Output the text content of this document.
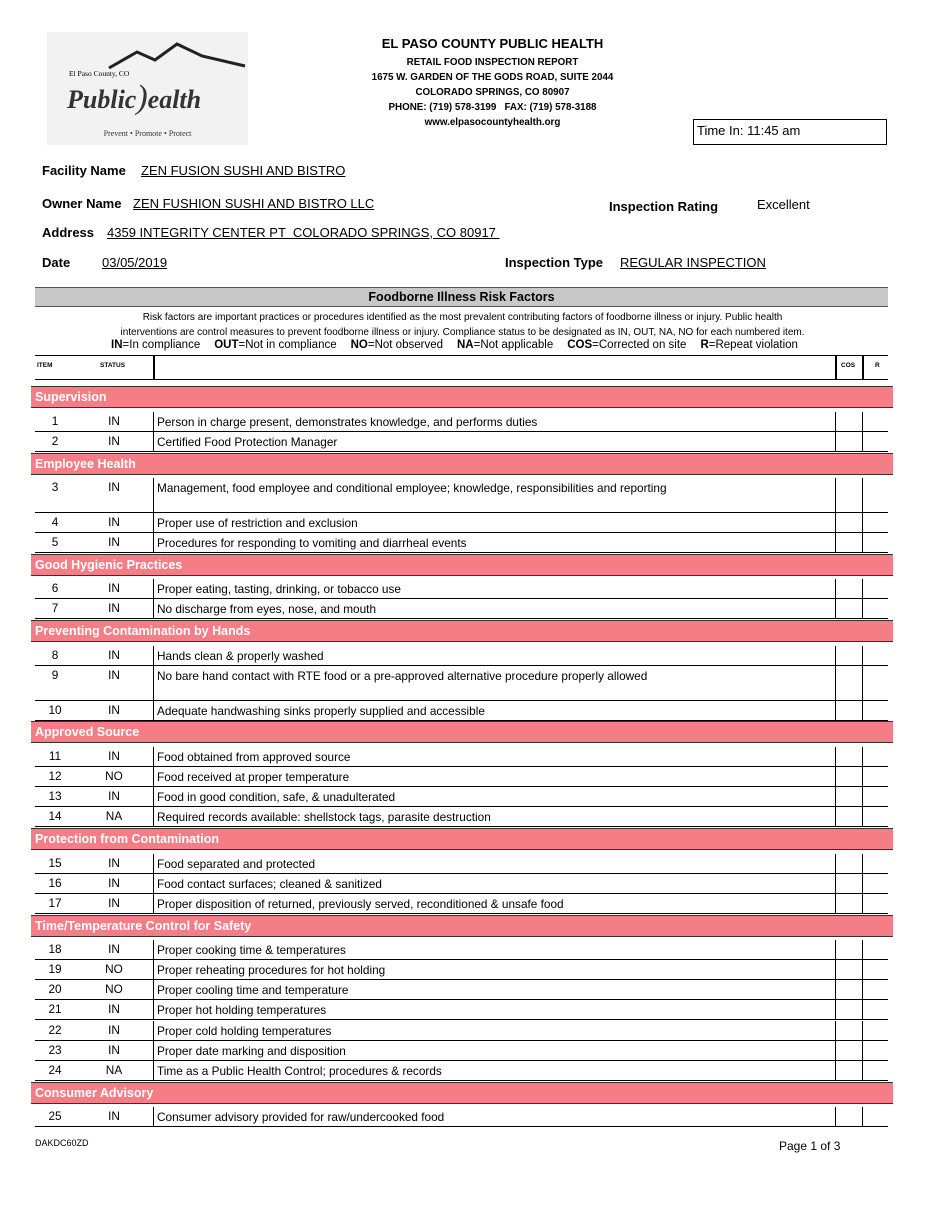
El Paso County, CO
Public)ealth
Prevent • Promote • Protect
EL PASO COUNTY PUBLIC HEALTH
RETAIL FOOD INSPECTION REPORT
1675 W. GARDEN OF THE GODS ROAD, SUITE 2044
COLORADO SPRINGS, CO 80907
PHONE: (719) 578-3199   FAX: (719) 578-3188
www.elpasocountyhealth.org
Time In: 11:45 am
Facility Name ZEN FUSION SUSHI AND BISTRO
Owner Name ZEN FUSHION SUSHI AND BISTRO LLC	Inspection Rating	Excellent
Address 4359 INTEGRITY CENTER PT  COLORADO SPRINGS, CO 80917
Date 03/05/2019	Inspection Type REGULAR INSPECTION
Foodborne Illness Risk Factors
Risk factors are important practices or procedures identified as the most prevalent contributing factors of foodborne illness or injury. Public health
interventions are control measures to prevent foodborne illness or injury. Compliance status to be designated as IN, OUT, NA, NO for each numbered item.
IN=In compliance OUT=Not in compliance NO=Not observed NA=Not applicable COS=Corrected on site R=Repeat violation
ITEM	STATUS	COS	R
Supervision
1	IN	Person in charge present, demonstrates knowledge, and performs duties
2	IN	Certified Food Protection Manager
Employee Health
3	IN	Management, food employee and conditional employee; knowledge, responsibilities and reporting
4	IN	Proper use of restriction and exclusion
5	IN	Procedures for responding to vomiting and diarrheal events
Good Hygienic Practices
6	IN	Proper eating, tasting, drinking, or tobacco use
7	IN	No discharge from eyes, nose, and mouth
Preventing Contamination by Hands
8	IN	Hands clean & properly washed
9	IN	No bare hand contact with RTE food or a pre-approved alternative procedure properly allowed
10	IN	Adequate handwashing sinks properly supplied and accessible
Approved Source
11	IN	Food obtained from approved source
12	NO	Food received at proper temperature
13	IN	Food in good condition, safe, & unadulterated
14	NA	Required records available: shellstock tags, parasite destruction
Protection from Contamination
15	IN	Food separated and protected
16	IN	Food contact surfaces; cleaned & sanitized
17	IN	Proper disposition of returned, previously served, reconditioned & unsafe food
Time/Temperature Control for Safety
18	IN	Proper cooking time & temperatures
19	NO	Proper reheating procedures for hot holding
20	NO	Proper cooling time and temperature
21	IN	Proper hot holding temperatures
22	IN	Proper cold holding temperatures
23	IN	Proper date marking and disposition
24	NA	Time as a Public Health Control; procedures & records
Consumer Advisory
25	IN	Consumer advisory provided for raw/undercooked food
DAKDC60ZD	Page 1 of 3
